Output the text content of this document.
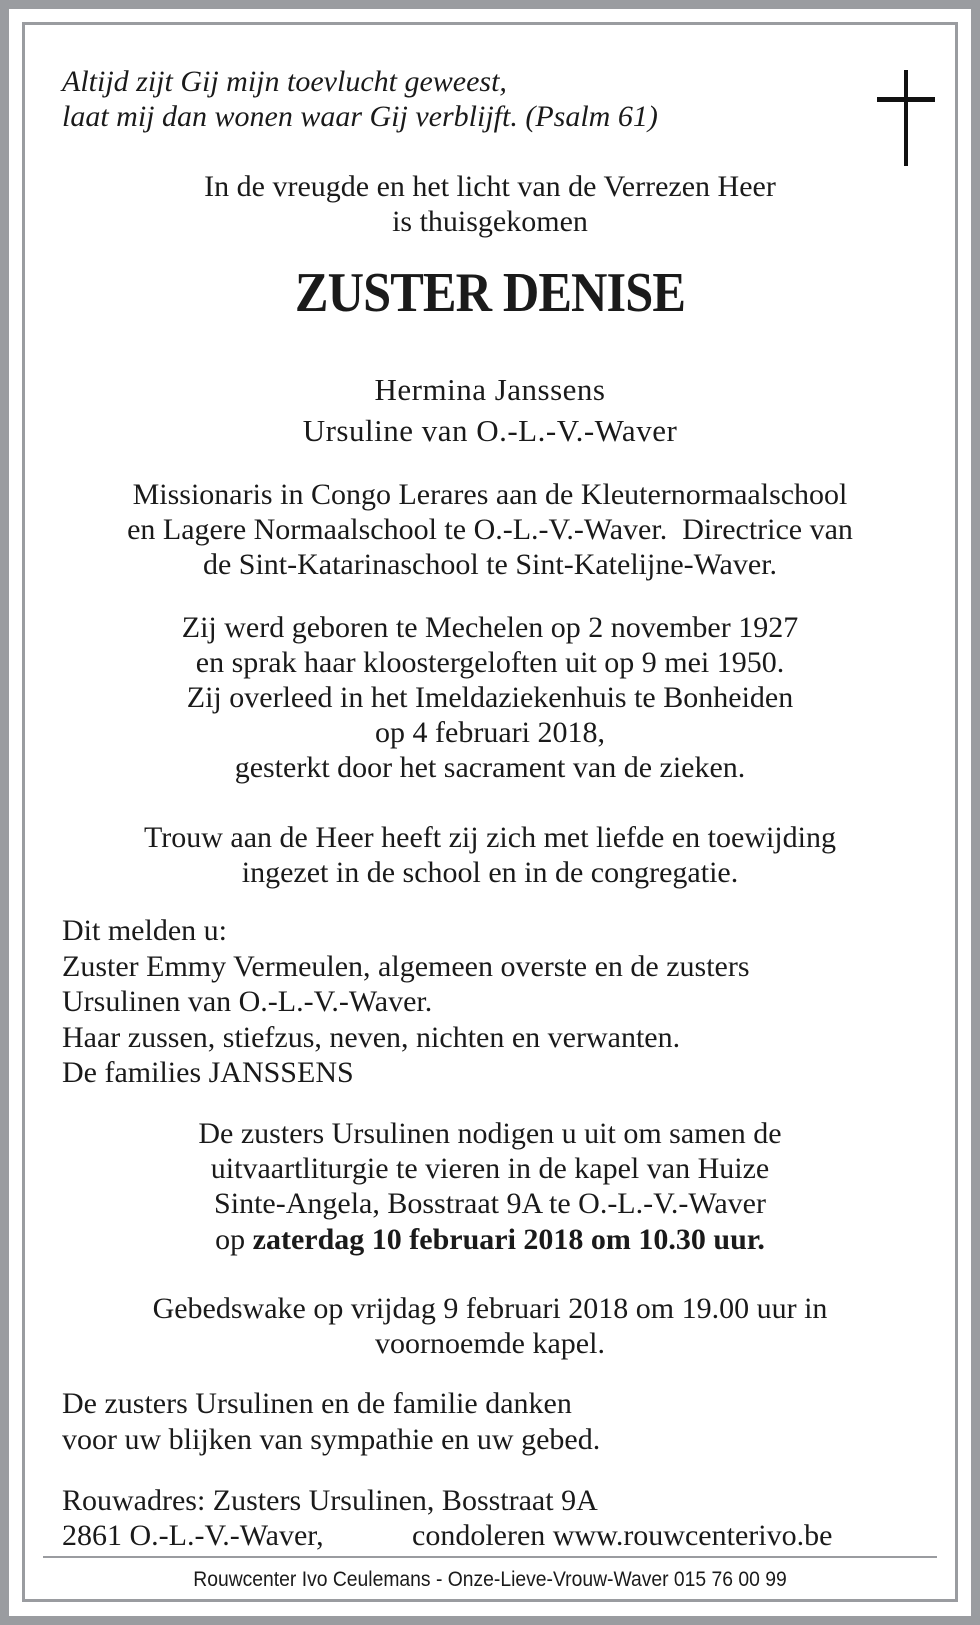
Altijd zijt Gij mijn toevlucht geweest,
laat mij dan wonen waar Gij verblijft. (Psalm 61)
In de vreugde en het licht van de Verrezen Heer
is thuisgekomen
ZUSTER DENISE
Hermina Janssens
Ursuline van O.-L.-V.-Waver
Missionaris in Congo Lerares aan de Kleuternormaalschool
en Lagere Normaalschool te O.-L.-V.-Waver.  Directrice van
de Sint-Katarinaschool te Sint-Katelijne-Waver.
Zij werd geboren te Mechelen op 2 november 1927
en sprak haar kloostergeloften uit op 9 mei 1950.
Zij overleed in het Imeldaziekenhuis te Bonheiden
op 4 februari 2018,
gesterkt door het sacrament van de zieken.
Trouw aan de Heer heeft zij zich met liefde en toewijding
ingezet in de school en in de congregatie.
Dit melden u:
Zuster Emmy Vermeulen, algemeen overste en de zusters
Ursulinen van O.-L.-V.-Waver.
Haar zussen, stiefzus, neven, nichten en verwanten.
De families JANSSENS
De zusters Ursulinen nodigen u uit om samen de
uitvaartliturgie te vieren in de kapel van Huize
Sinte-Angela, Bosstraat 9A te O.-L.-V.-Waver
op zaterdag 10 februari 2018 om 10.30 uur.
Gebedswake op vrijdag 9 februari 2018 om 19.00 uur in
voornoemde kapel.
De zusters Ursulinen en de familie danken
voor uw blijken van sympathie en uw gebed.
Rouwadres: Zusters Ursulinen, Bosstraat 9A
2861 O.-L.-V.-Waver,	condoleren www.rouwcenterivo.be
Rouwcenter Ivo Ceulemans - Onze-Lieve-Vrouw-Waver 015 76 00 99
